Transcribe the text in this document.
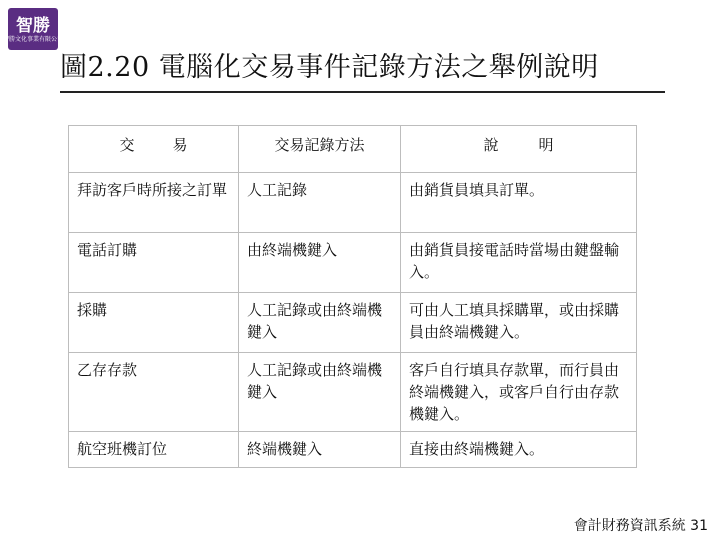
智勝
智勝文化事業有限公司
圖2.20 電腦化交易事件記錄方法之舉例說明
交易	交易記錄方法	說明
拜訪客戶時所接之訂單	人工記錄	由銷貨員填具訂單。
電話訂購	由終端機鍵入	由銷貨員接電話時當場由鍵盤輸入。
採購	人工記錄或由終端機鍵入	可由人工填具採購單，或由採購員由終端機鍵入。
乙存存款	人工記錄或由終端機鍵入	客戶自行填具存款單，而行員由終端機鍵入，或客戶自行由存款機鍵入。
航空班機訂位	終端機鍵入	直接由終端機鍵入。
會計財務資訊系統 31
